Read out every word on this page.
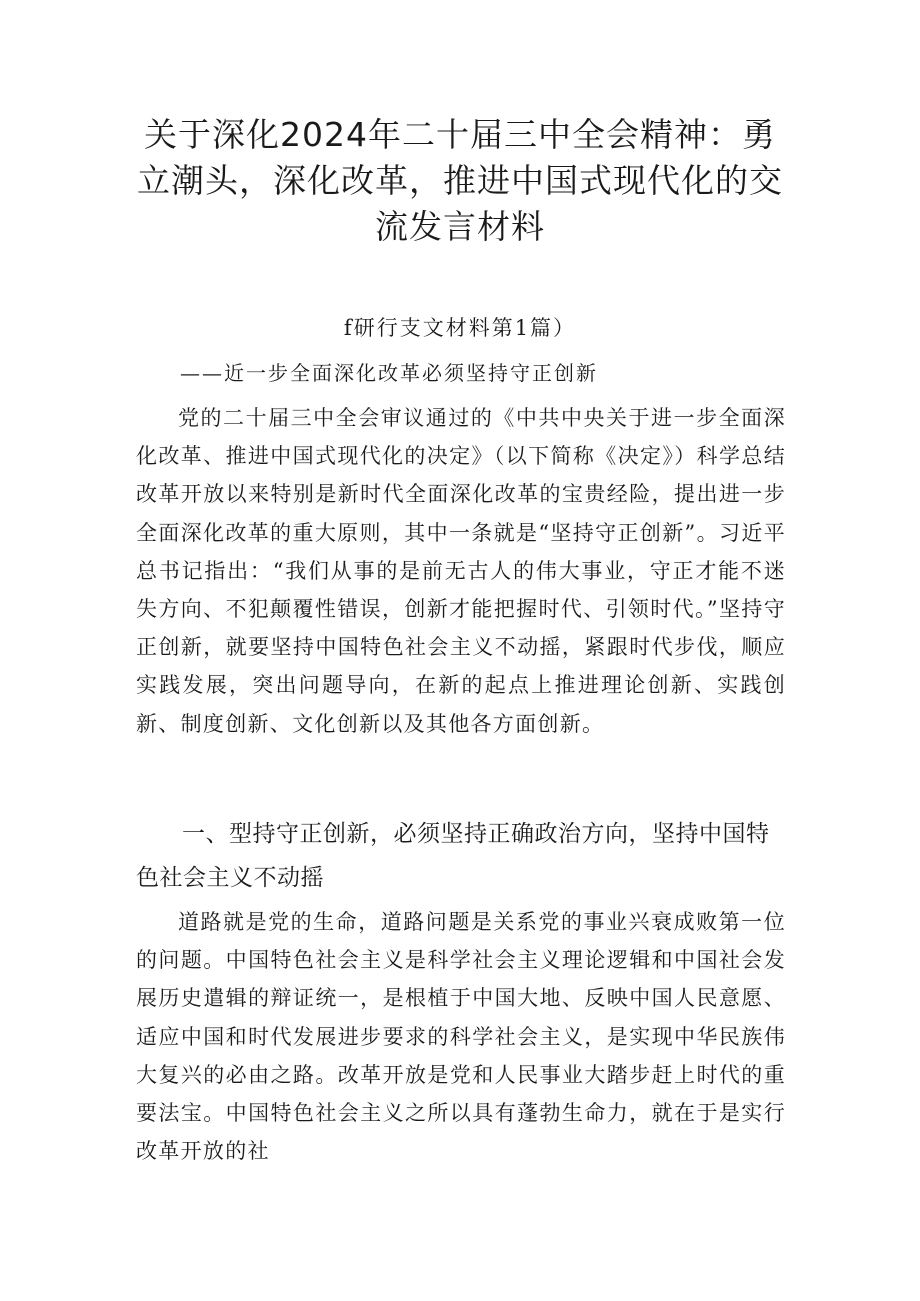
关于深化2024年二十届三中全会精神：勇
立潮头，深化改革，推进中国式现代化的交
流发言材料
f研行支文材料第1篇）
——近一步全面深化改革必须坚持守正创新

党的二十届三中全会审议通过的《中共中央关于进一步全面深化改革、推进中国式现代化的决定》（以下简称《决定》）科学总结改革开放以来特别是新时代全面深化改革的宝贵经险，提出进一步全面深化改革的重大原则，其中一条就是“坚持守正创新”。习近平总书记指出：“我们从事的是前无古人的伟大事业，守正才能不迷失方向、不犯颠覆性错误，创新才能把握时代、引领时代。”坚持守正创新，就要坚持中国特色社会主义不动摇，紧跟时代步伐，顺应实践发展，突出问题导向，在新的起点上推进理论创新、实践创新、制度创新、文化创新以及其他各方面创新。

一、型持守正创新，必须坚持正确政治方向，坚持中国特色社会主义不动摇

道路就是党的生命，道路问题是关系党的事业兴衰成败第一位的问题。中国特色社会主义是科学社会主义理论逻辑和中国社会发展历史遣辑的辩证统一，是根植于中国大地、反映中国人民意愿、适应中国和时代发展进步要求的科学社会主义，是实现中华民族伟大复兴的必由之路。改革开放是党和人民事业大踏步赶上时代的重要法宝。中国特色社会主义之所以具有蓬勃生命力，就在于是实行改革开放的社
